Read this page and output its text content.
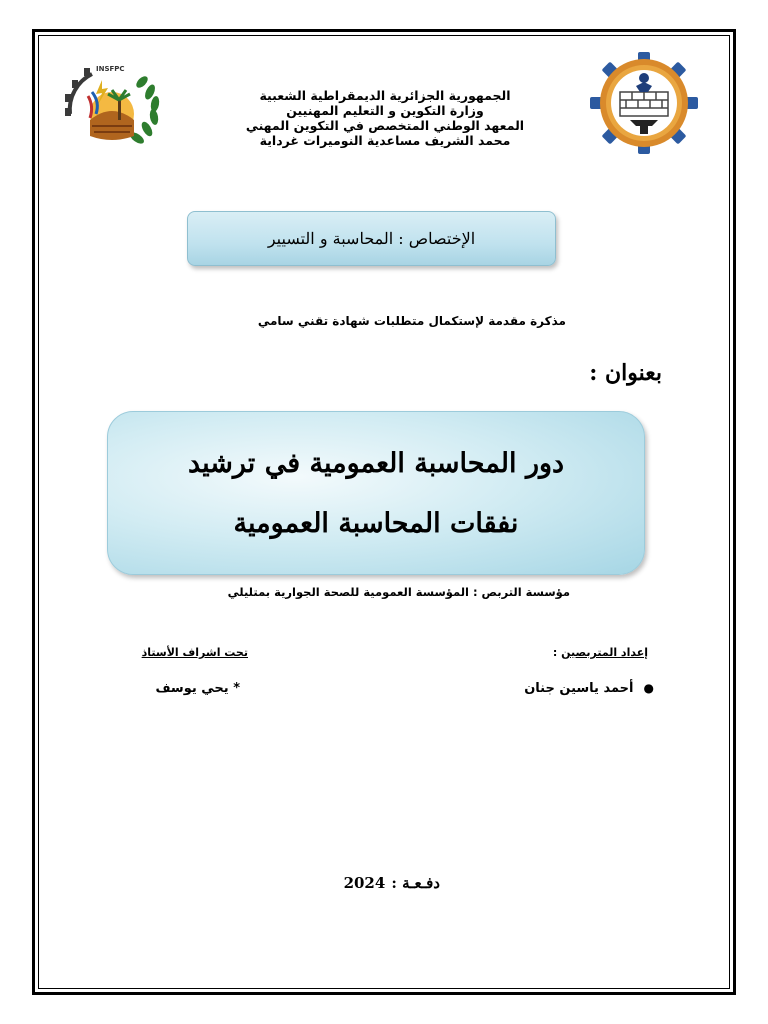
INSFPC
الجمهورية الجزائرية الديمقراطية الشعبية
وزارة التكوين و التعليم المهنيين
المعهد الوطني المتخصص في التكوين المهني
محمد الشريف مساعدية النوميرات غرداية
الإختصاص : المحاسبة و التسيير
مذكرة مقدمة لإستكمال متطلبات شهادة تقني سامي
بعنوان :
دور المحاسبة العمومية في ترشيد
نفقات المحاسبة العمومية
مؤسسة التربص : المؤسسة العمومية للصحة الجوارية بمتليلي
إعداد المتربصين :
تحت اشراف الأستاذ
●أحمد ياسين جنان
* يحي يوسف
دفـعـة :2024
